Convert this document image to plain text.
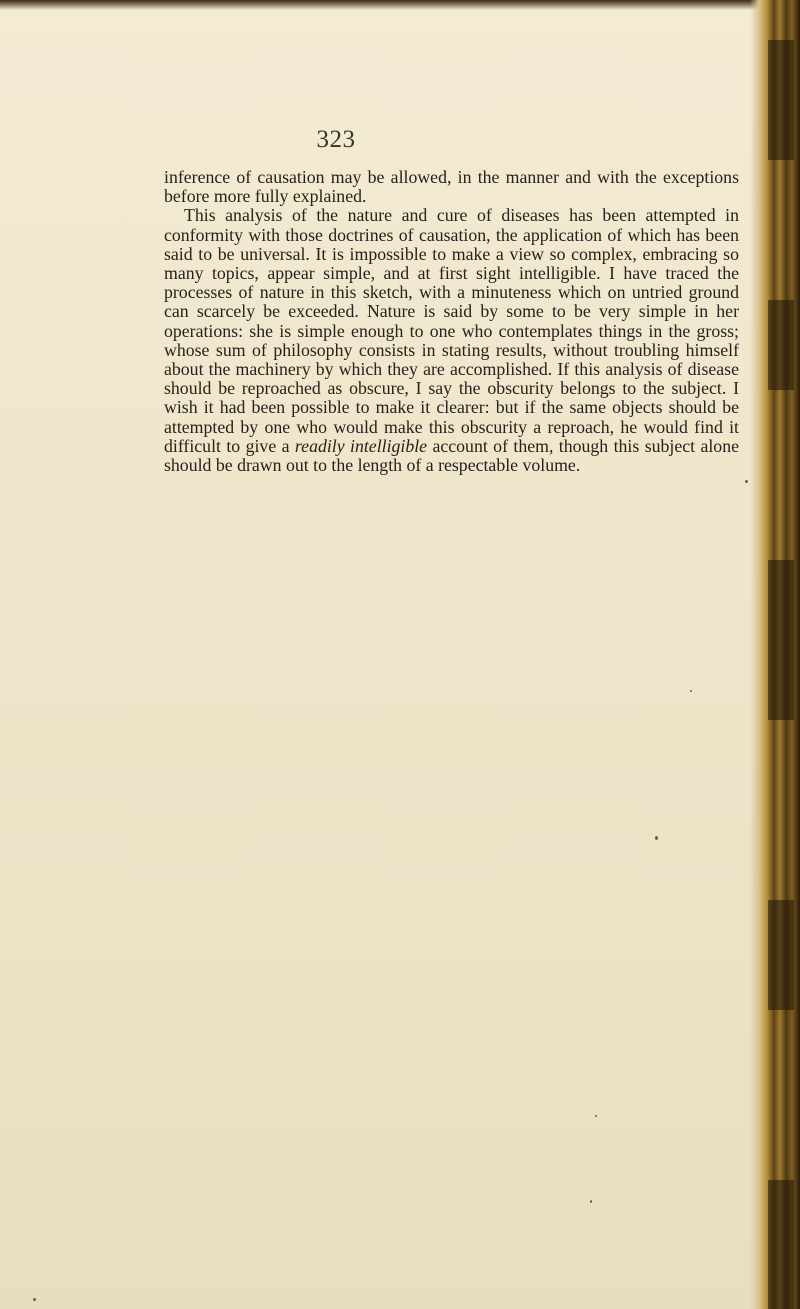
323

inference of causation may be allowed, in the manner and with the exceptions before more fully explained.

This analysis of the nature and cure of diseases has been attempted in conformity with those doctrines of causation, the application of which has been said to be universal. It is impossible to make a view so complex, embracing so many topics, appear simple, and at first sight intelligible. I have traced the processes of nature in this sketch, with a minuteness which on untried ground can scarcely be exceeded. Nature is said by some to be very simple in her operations: she is simple enough to one who contemplates things in the gross; whose sum of philosophy consists in stating results, without troubling himself about the machinery by which they are accomplished. If this analysis of disease should be reproached as obscure, I say the obscurity belongs to the subject. I wish it had been possible to make it clearer: but if the same objects should be attempted by one who would make this obscurity a reproach, he would find it difficult to give a readily intelligible account of them, though this subject alone should be drawn out to the length of a respectable volume.
